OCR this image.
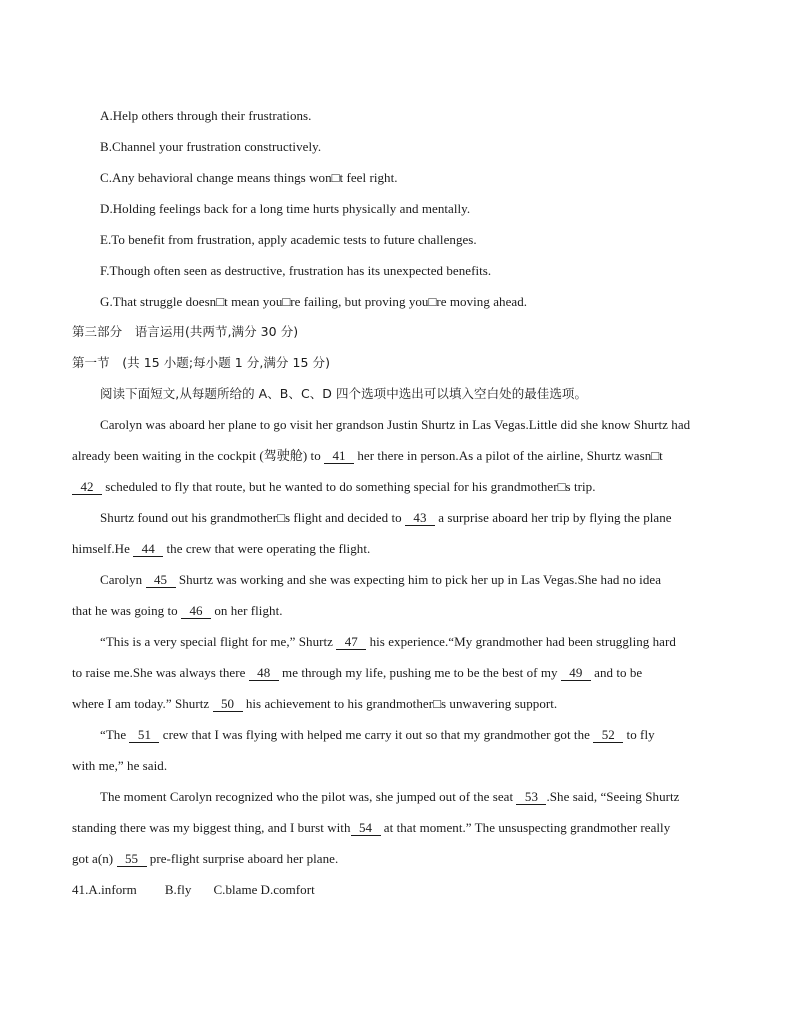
A.Help others through their frustrations.
B.Channel your frustration constructively.
C.Any behavioral change means things won□t feel right.
D.Holding feelings back for a long time hurts physically and mentally.
E.To benefit from frustration, apply academic tests to future challenges.
F.Though often seen as destructive, frustration has its unexpected benefits.
G.That struggle doesn□t mean you□re failing, but proving you□re moving ahead.
第三部分　语言运用(共两节,满分 30 分)
第一节　(共 15 小题;每小题 1 分,满分 15 分)
阅读下面短文,从每题所给的 A、B、C、D 四个选项中选出可以填入空白处的最佳选项。
Carolyn was aboard her plane to go visit her grandson Justin Shurtz in Las Vegas.Little did she know Shurtz had
already been waiting in the cockpit (驾驶舱) to 41 her there in person.As a pilot of the airline, Shurtz wasn□t
42 scheduled to fly that route, but he wanted to do something special for his grandmother□s trip.
Shurtz found out his grandmother□s flight and decided to 43 a surprise aboard her trip by flying the plane
himself.He 44 the crew that were operating the flight.
Carolyn 45 Shurtz was working and she was expecting him to pick her up in Las Vegas.She had no idea
that he was going to 46 on her flight.
“This is a very special flight for me,” Shurtz 47 his experience.“My grandmother had been struggling hard
to raise me.She was always there 48 me through my life, pushing me to be the best of my 49 and to be
where I am today.” Shurtz 50 his achievement to his grandmother□s unwavering support.
“The 51 crew that I was flying with helped me carry it out so that my grandmother got the 52 to fly
with me,” he said.
The moment Carolyn recognized who the pilot was, she jumped out of the seat 53 .She said, “Seeing Shurtz
standing there was my biggest thing, and I burst with 54 at that moment.” The unsuspecting grandmother really
got a(n) 55 pre-flight surprise aboard her plane.
41.A.inform B.fly C.blame D.comfort
